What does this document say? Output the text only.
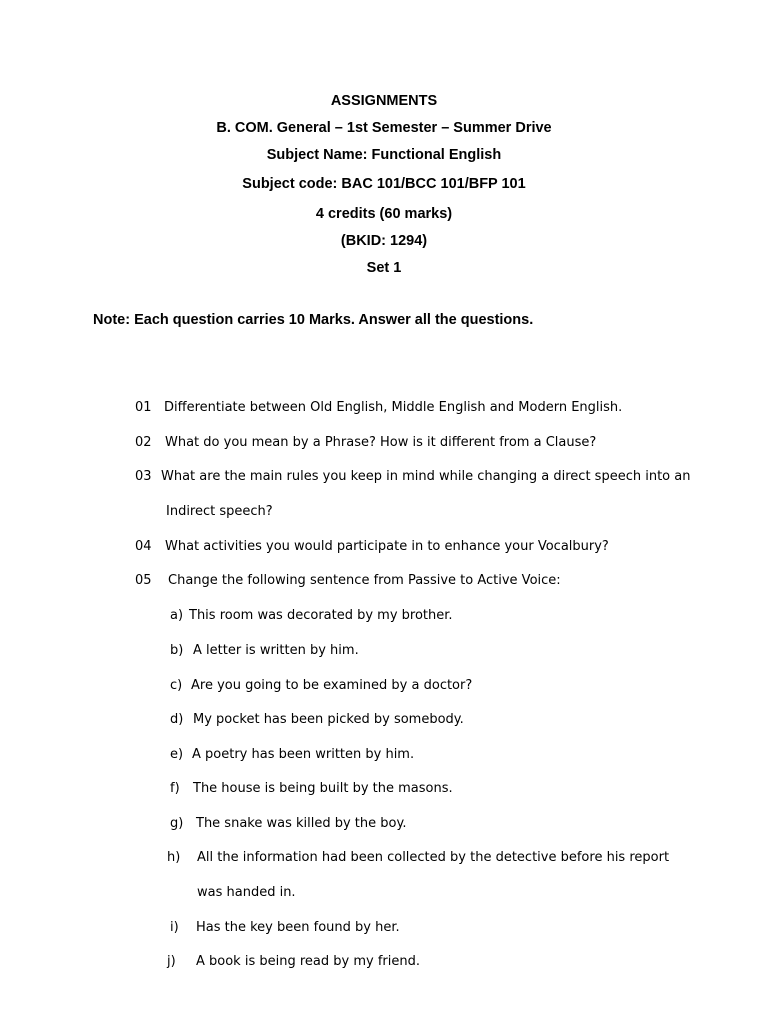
ASSIGNMENTS
B. COM. General – 1st Semester – Summer Drive
Subject Name: Functional English
Subject code: BAC 101/BCC 101/BFP 101
4 credits (60 marks)
(BKID: 1294)
Set 1
Note: Each question carries 10 Marks. Answer all the questions.
01 Differentiate between Old English, Middle English and Modern English.
02 What do you mean by a Phrase? How is it different from a Clause?
03 What are the main rules you keep in mind while changing a direct speech into an
Indirect speech?
04 What activities you would participate in to enhance your Vocalbury?
05 Change the following sentence from Passive to Active Voice:
a) This room was decorated by my brother.
b) A letter is written by him.
c) Are you going to be examined by a doctor?
d) My pocket has been picked by somebody.
e) A poetry has been written by him.
f) The house is being built by the masons.
g) The snake was killed by the boy.
h) All the information had been collected by the detective before his report
was handed in.
i) Has the key been found by her.
j) A book is being read by my friend.
